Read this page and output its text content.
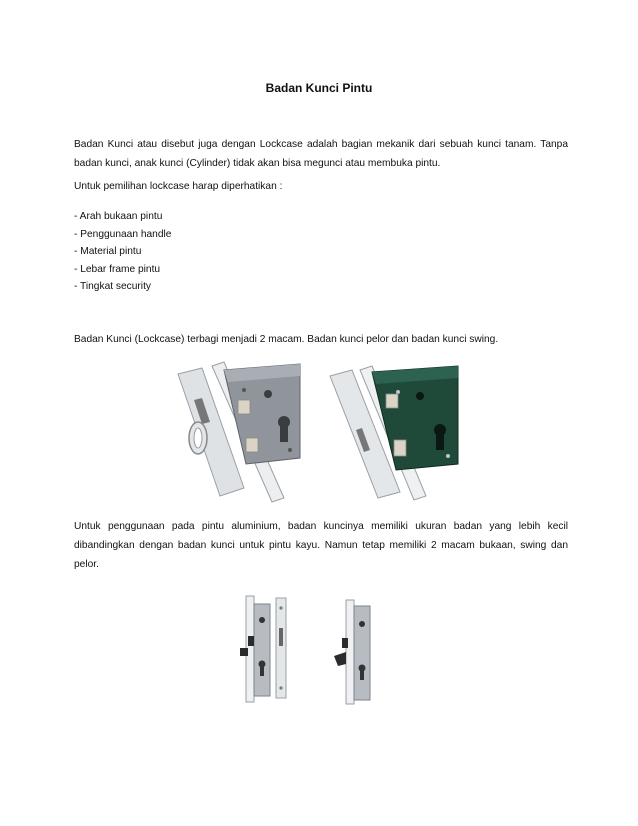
Badan Kunci Pintu

Badan Kunci atau disebut juga dengan Lockcase adalah bagian mekanik dari sebuah kunci tanam. Tanpa badan kunci, anak kunci (Cylinder) tidak akan bisa megunci atau membuka pintu.

Untuk pemilihan lockcase harap diperhatikan :

- Arah bukaan pintu
- Penggunaan handle
- Material pintu
- Lebar frame pintu
- Tingkat security

Badan Kunci (Lockcase) terbagi menjadi 2 macam. Badan kunci pelor dan badan kunci swing.

Untuk penggunaan pada pintu aluminium, badan kuncinya memiliki ukuran badan yang lebih kecil dibandingkan dengan badan kunci untuk pintu kayu. Namun tetap memiliki 2 macam bukaan, swing dan pelor.
